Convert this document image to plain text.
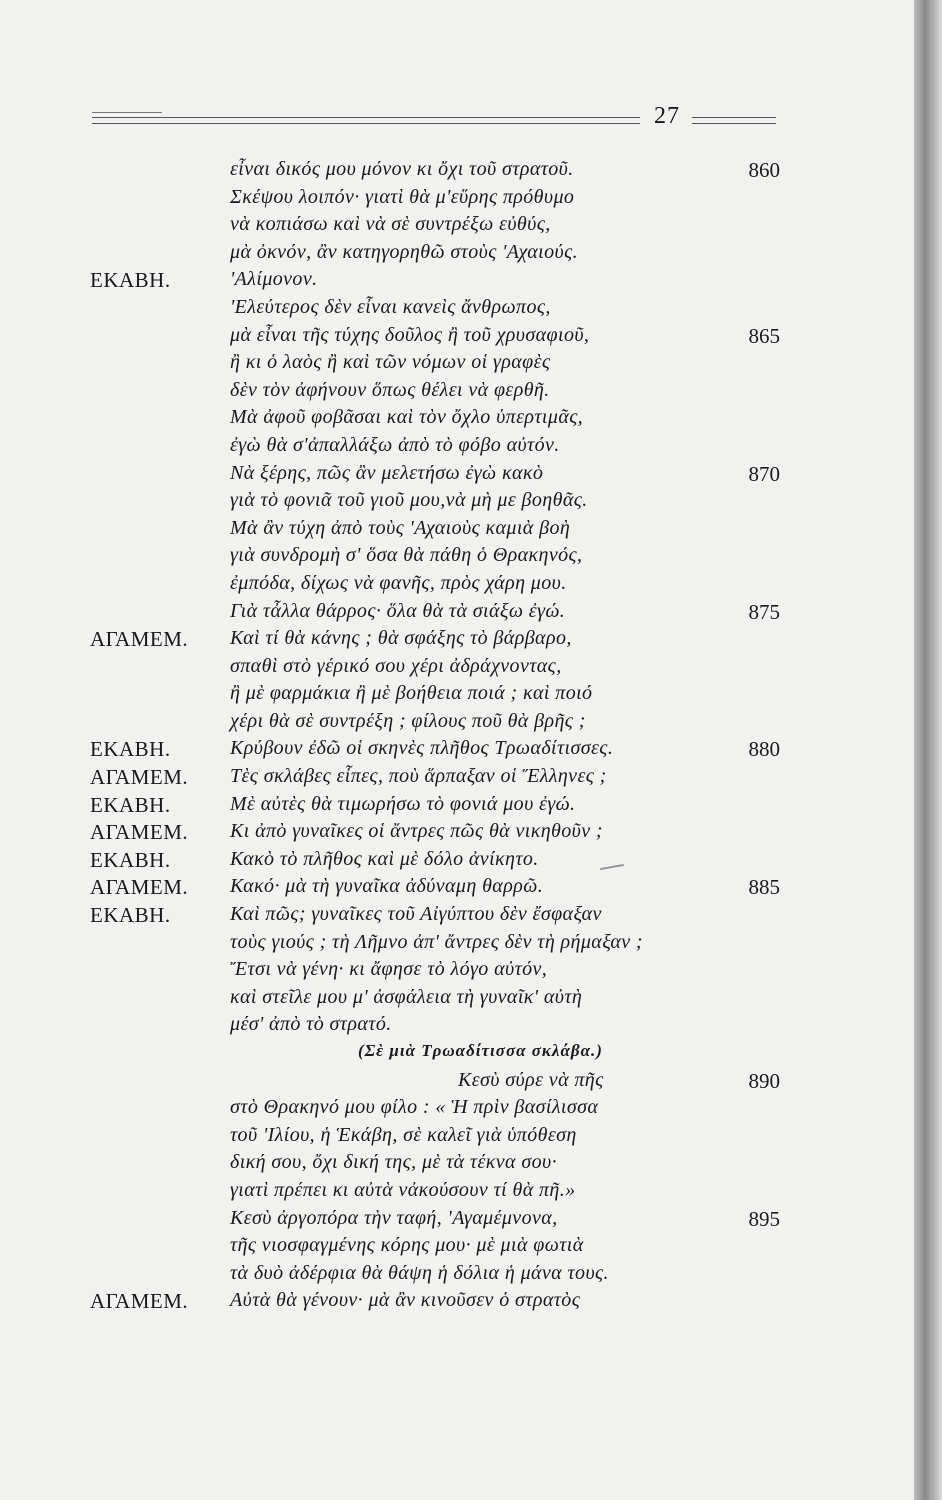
27
εἶναι δικός μου μόνον κι ὄχι τοῦ στρατοῦ.	860
Σκέψου λοιπόν· γιατὶ θὰ μ'εὕρης πρόθυμο
νὰ κοπιάσω καὶ νὰ σὲ συντρέξω εὐθύς,
μὰ ὀκνόν, ἂν κατηγορηθῶ στοὺς 'Αχαιούς.
ΕΚΑΒΗ.	'Αλίμονον.
'Ελεύτερος δὲν εἶναι κανεὶς ἄνθρωπος,
μὰ εἶναι τῆς τύχης δοῦλος ἢ τοῦ χρυσαφιοῦ,	865
ἢ κι ὁ λαὸς ἢ καὶ τῶν νόμων οἱ γραφὲς
δὲν τὸν ἀφήνουν ὅπως θέλει νὰ φερθῆ.
Μὰ ἀφοῦ φοβᾶσαι καὶ τὸν ὄχλο ὑπερτιμᾶς,
ἐγὼ θὰ σ'ἀπαλλάξω ἀπὸ τὸ φόβο αὐτόν.
Νὰ ξέρης, πῶς ἂν μελετήσω ἐγὼ κακὸ	870
γιὰ τὸ φονιᾶ τοῦ γιοῦ μου,νὰ μὴ με βοηθᾶς.
Μὰ ἂν τύχη ἀπὸ τοὺς 'Αχαιοὺς καμιὰ βοὴ
γιὰ συνδρομὴ σ' ὅσα θὰ πάθη ὁ Θρακηνός,
ἐμπόδα, δίχως νὰ φανῆς, πρὸς χάρη μου.
Γιὰ τἆλλα θάρρος· ὅλα θὰ τὰ σιάξω ἐγώ.	875
ΑΓΑΜΕΜ.	Καὶ τί θὰ κάνης ; θὰ σφάξης τὸ βάρβαρο,
σπαθὶ στὸ γέρικό σου χέρι ἀδράχνοντας,
ἢ μὲ φαρμάκια ἢ μὲ βοήθεια ποιά ; καὶ ποιό
χέρι θὰ σὲ συντρέξη ; φίλους ποῦ θὰ βρῆς ;
ΕΚΑΒΗ.	Κρύβουν ἐδῶ οἱ σκηνὲς πλῆθος Τρωαδίτισσες.	880
ΑΓΑΜΕΜ.	Τὲς σκλάβες εἶπες, ποὺ ἅρπαξαν οἱ Ἕλληνες ;
ΕΚΑΒΗ.	Μὲ αὐτὲς θὰ τιμωρήσω τὸ φονιά μου ἐγώ.
ΑΓΑΜΕΜ.	Κι ἀπὸ γυναῖκες οἱ ἄντρες πῶς θὰ νικηθοῦν ;
ΕΚΑΒΗ.	Κακὸ τὸ πλῆθος καὶ μὲ δόλο ἀνίκητο.
ΑΓΑΜΕΜ.	Κακό· μὰ τὴ γυναῖκα ἀδύναμη θαρρῶ.	885
ΕΚΑΒΗ.	Καὶ πῶς; γυναῖκες τοῦ Αἰγύπτου δὲν ἔσφαξαν
τοὺς γιούς ; τὴ Λῆμνο ἀπ' ἄντρες δὲν τὴ ρήμαξαν ;
Ἔτσι νὰ γένη· κι ἄφησε τὸ λόγο αὐτόν,
καὶ στεῖλε μου μ' ἀσφάλεια τὴ γυναῖκ' αὐτὴ
μέσ' ἀπὸ τὸ στρατό.
(Σὲ μιὰ Τρωαδίτισσα σκλάβα.)
Κεσὺ σύρε νὰ πῆς	890
στὸ Θρακηνό μου φίλο : « Ἡ πρὶν βασίλισσα
τοῦ 'Ιλίου, ἡ Ἑκάβη, σὲ καλεῖ γιὰ ὑπόθεση
δική σου, ὄχι δική της, μὲ τὰ τέκνα σου·
γιατὶ πρέπει κι αὐτὰ νἀκούσουν τί θὰ πῆ.»
Κεσὺ ἀργοπόρα τὴν ταφή, 'Αγαμέμνονα,	895
τῆς νιοσφαγμένης κόρης μου· μὲ μιὰ φωτιὰ
τὰ δυὸ ἀδέρφια θὰ θάψη ἡ δόλια ἡ μάνα τους.
ΑΓΑΜΕΜ.	Αὐτὰ θὰ γένουν· μὰ ἂν κινοῦσεν ὁ στρατὸς
